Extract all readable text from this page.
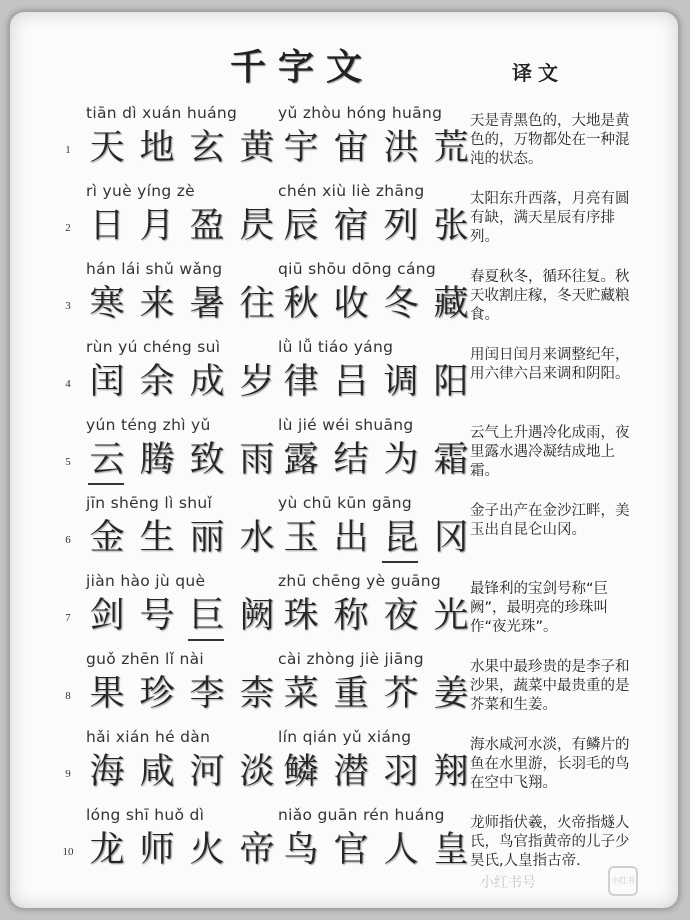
千字文	译文
1
tiān dì xuán huáng
天 地 玄 黄
yǔ zhòu hóng huāng
宇 宙 洪 荒
天是青黑色的，大地是黄色的，万物都处在一种混沌的状态。
2
rì yuè yíng zè
日 月 盈 昃
chén xiù liè zhāng
辰 宿 列 张
太阳东升西落，月亮有圆有缺，满天星辰有序排列。
3
hán lái shǔ wǎng
寒 来 暑 往
qiū shōu dōng cáng
秋 收 冬 藏
春夏秋冬，循环往复。秋天收割庄稼，冬天贮藏粮食。
4
rùn yú chéng suì
闰 余 成 岁
lǜ lǚ tiáo yáng
律 吕 调 阳
用闰日闰月来调整纪年，用六律六吕来调和阴阳。
5
yún téng zhì yǔ
云 腾 致 雨
lù jié wéi shuāng
露 结 为 霜
云气上升遇冷化成雨，夜里露水遇冷凝结成地上霜。
6
jīn shēng lì shuǐ
金 生 丽 水
yù chū kūn gāng
玉 出 昆 冈
金子出产在金沙江畔，美玉出自昆仑山冈。
7
jiàn hào jù què
剑 号 巨 阙
zhū chēng yè guāng
珠 称 夜 光
最锋利的宝剑号称“巨阙”，最明亮的珍珠叫作“夜光珠”。
8
guǒ zhēn lǐ nài
果 珍 李 柰
cài zhòng jiè jiāng
菜 重 芥 姜
水果中最珍贵的是李子和沙果，蔬菜中最贵重的是芥菜和生姜。
9
hǎi xián hé dàn
海 咸 河 淡
lín qián yǔ xiáng
鳞 潜 羽 翔
海水咸河水淡，有鳞片的鱼在水里游，长羽毛的鸟在空中飞翔。
10
lóng shī huǒ dì
龙 师 火 帝
niǎo guān rén huáng
鸟 官 人 皇
龙师指伏羲，火帝指燧人氏，鸟官指黄帝的儿子少昊氏,人皇指古帝.
小红书号	小红书
